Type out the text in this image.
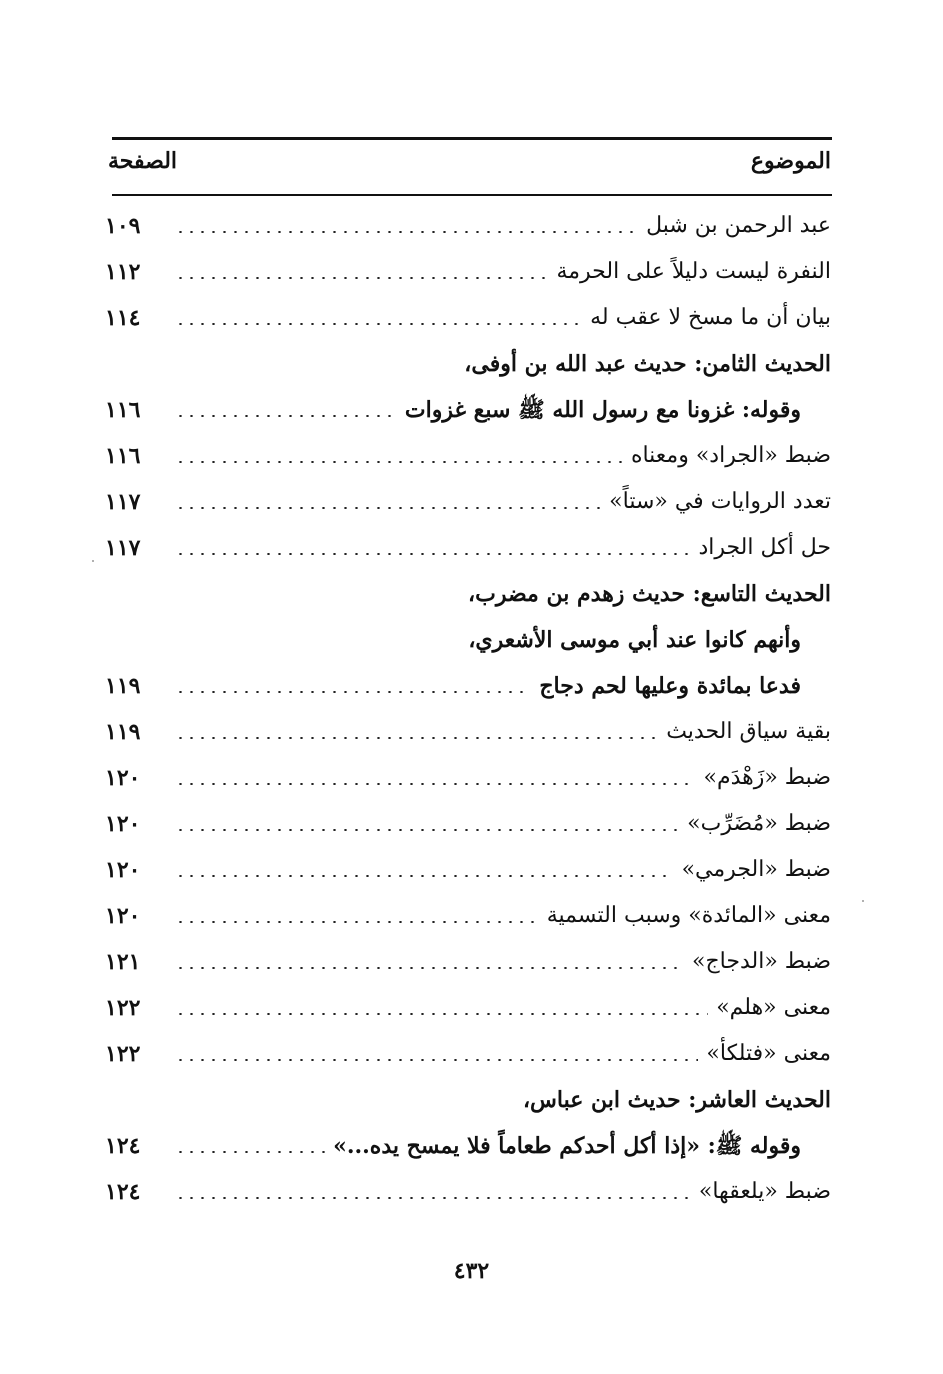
الموضوع
الصفحة
عبد الرحمن بن شبل
١٠٩
النفرة ليست دليلاً على الحرمة
١١٢
بيان أن ما مسخ لا عقب له
١١٤
الحديث الثامن: حديث عبد الله بن أوفى،
وقوله: غزونا مع رسول الله ﷺ سبع غزوات
١١٦
ضبط «الجراد» ومعناه
١١٦
تعدد الروايات في «ستاً»
١١٧
حل أكل الجراد
١١٧
الحديث التاسع: حديث زهدم بن مضرب،
وأنهم كانوا عند أبي موسى الأشعري،
فدعا بمائدة وعليها لحم دجاج
١١٩
بقية سياق الحديث
١١٩
ضبط «زَهْدَم»
١٢٠
ضبط «مُضَرِّب»
١٢٠
ضبط «الجرمي»
١٢٠
معنى «المائدة» وسبب التسمية
١٢٠
ضبط «الدجاج»
١٢١
معنى «هلم»
١٢٢
معنى «فتلكأ»
١٢٢
الحديث العاشر: حديث ابن عباس،
وقوله ﷺ: «إذا أكل أحدكم طعاماً فلا يمسح يده...»
١٢٤
ضبط «يلعقها»
١٢٤
٤٣٢
